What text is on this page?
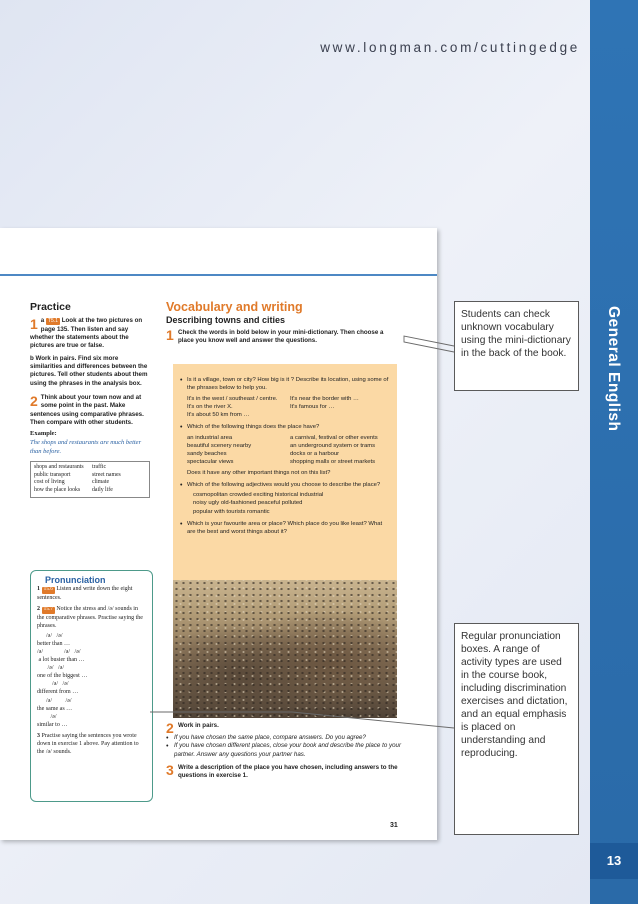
General English
13
www.longman.com/cuttingedge
Practice
1 a T5.1 Look at the two pictures on page 135. Then listen and say whether the statements about the pictures are true or false.
b Work in pairs. Find six more similarities and differences between the pictures. Tell other students about them using the phrases in the analysis box.
2 Think about your town now and at some point in the past. Make sentences using comparative phrases. Then compare with other students.
Example:
The shops and restaurants are much better than before.
shops and restaurants	traffic
public transport	street names
cost of living	climate
how the place looks	daily life
Pronunciation
1 T5.6 Listen and write down the eight sentences.
2 T5.7 Notice the stress and /ə/ sounds in the comparative phrases. Practise saying the phrases.
/ə/   /ə/
better than …
/ə/              /ə/   /ə/
a lot busier than …
/ə/   /ə/
one of the biggest …
/ə/   /ə/
different from …
/ə/         /ə/
the same as …
/ə/
similar to …
3 Practise saying the sentences you wrote down in exercise 1 above. Pay attention to the /ə/ sounds.
Vocabulary and writing
Describing towns and cities
1 Check the words in bold below in your mini-dictionary. Then choose a place you know well and answer the questions.
• Is it a village, town or city? How big is it ? Describe its location, using some of the phrases below to help you.
It's in the west / southeast / centre.	It's near the border with …
It's on the river X.	It's famous for …
It's about 50 km from …
• Which of the following things does the place have?
an industrial area	a carnival, festival or other events
beautiful scenery nearby	an underground system or trams
sandy beaches	docks or a harbour
spectacular views	shopping malls or street markets
Does it have any other important things not on this list?
• Which of the following adjectives would you choose to describe the place?
cosmopolitan crowded exciting historical industrial
noisy ugly old-fashioned peaceful polluted
popular with tourists romantic
• Which is your favourite area or place? Which place do you like least? What are the best and worst things about it?
2 Work in pairs.
• If you have chosen the same place, compare answers. Do you agree?
• If you have chosen different places, close your book and describe the place to your partner. Answer any questions your partner has.
3 Write a description of the place you have chosen, including answers to the questions in exercise 1.
31
Students can check unknown vocabulary using the mini-dictionary in the back of the book.
Regular pronunciation boxes. A range of activity types are used in the course book, including discrimination exercises and dictation, and an equal emphasis is placed on understanding and reproducing.
